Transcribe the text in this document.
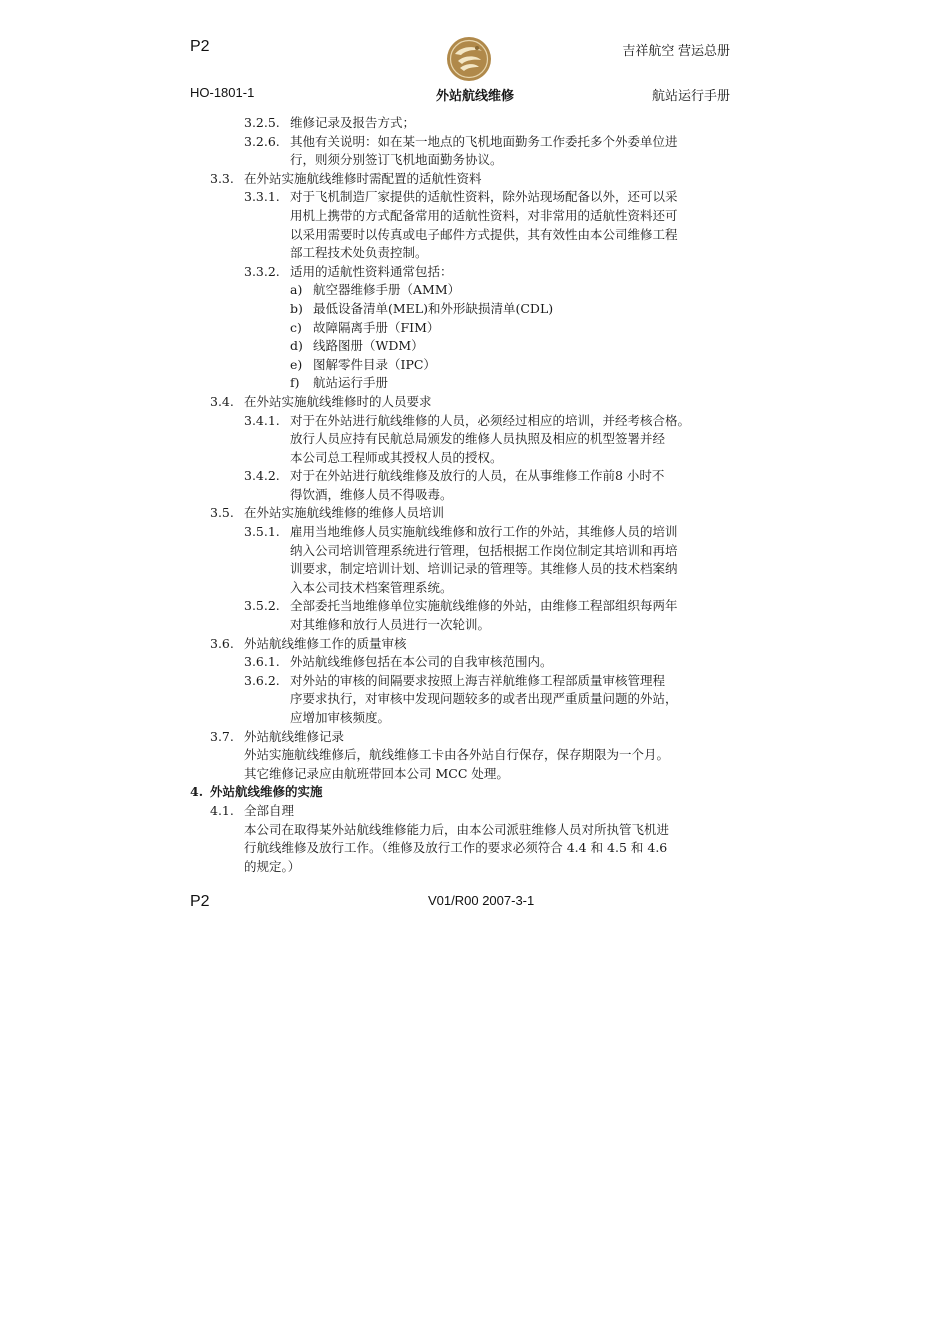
P2	吉祥航空 营运总册
HO-1801-1	外站航线维修	航站运行手册
3.2.5. 维修记录及报告方式；
3.2.6. 其他有关说明：如在某一地点的飞机地面勤务工作委托多个外委单位进
行，则须分别签订飞机地面勤务协议。
3.3. 在外站实施航线维修时需配置的适航性资料
3.3.1. 对于飞机制造厂家提供的适航性资料，除外站现场配备以外，还可以采
用机上携带的方式配备常用的适航性资料，对非常用的适航性资料还可
以采用需要时以传真或电子邮件方式提供，其有效性由本公司维修工程
部工程技术处负责控制。
3.3.2. 适用的适航性资料通常包括：
a) 航空器维修手册（AMM）
b) 最低设备清单(MEL)和外形缺损清单(CDL)
c) 故障隔离手册（FIM）
d) 线路图册（WDM）
e) 图解零件目录（IPC）
f)	航站运行手册
3.4. 在外站实施航线维修时的人员要求
3.4.1. 对于在外站进行航线维修的人员，必须经过相应的培训，并经考核合格。
放行人员应持有民航总局颁发的维修人员执照及相应的机型签署并经
本公司总工程师或其授权人员的授权。
3.4.2. 对于在外站进行航线维修及放行的人员，在从事维修工作前8 小时不
得饮酒，维修人员不得吸毒。
3.5. 在外站实施航线维修的维修人员培训
3.5.1. 雇用当地维修人员实施航线维修和放行工作的外站，其维修人员的培训
纳入公司培训管理系统进行管理，包括根据工作岗位制定其培训和再培
训要求，制定培训计划、培训记录的管理等。其维修人员的技术档案纳
入本公司技术档案管理系统。
3.5.2. 全部委托当地维修单位实施航线维修的外站，由维修工程部组织每两年
对其维修和放行人员进行一次轮训。
3.6. 外站航线维修工作的质量审核
3.6.1. 外站航线维修包括在本公司的自我审核范围内。
3.6.2. 对外站的审核的间隔要求按照上海吉祥航维修工程部质量审核管理程
序要求执行，对审核中发现问题较多的或者出现严重质量问题的外站，
应增加审核频度。
3.7. 外站航线维修记录
外站实施航线维修后，航线维修工卡由各外站自行保存，保存期限为一个月。
其它维修记录应由航班带回本公司 MCC 处理。
4. 外站航线维修的实施
4.1. 全部自理
本公司在取得某外站航线维修能力后，由本公司派驻维修人员对所执管飞机进
行航线维修及放行工作。（维修及放行工作的要求必须符合 4.4 和 4.5 和 4.6
的规定。）
P2	V01/R00 2007-3-1
